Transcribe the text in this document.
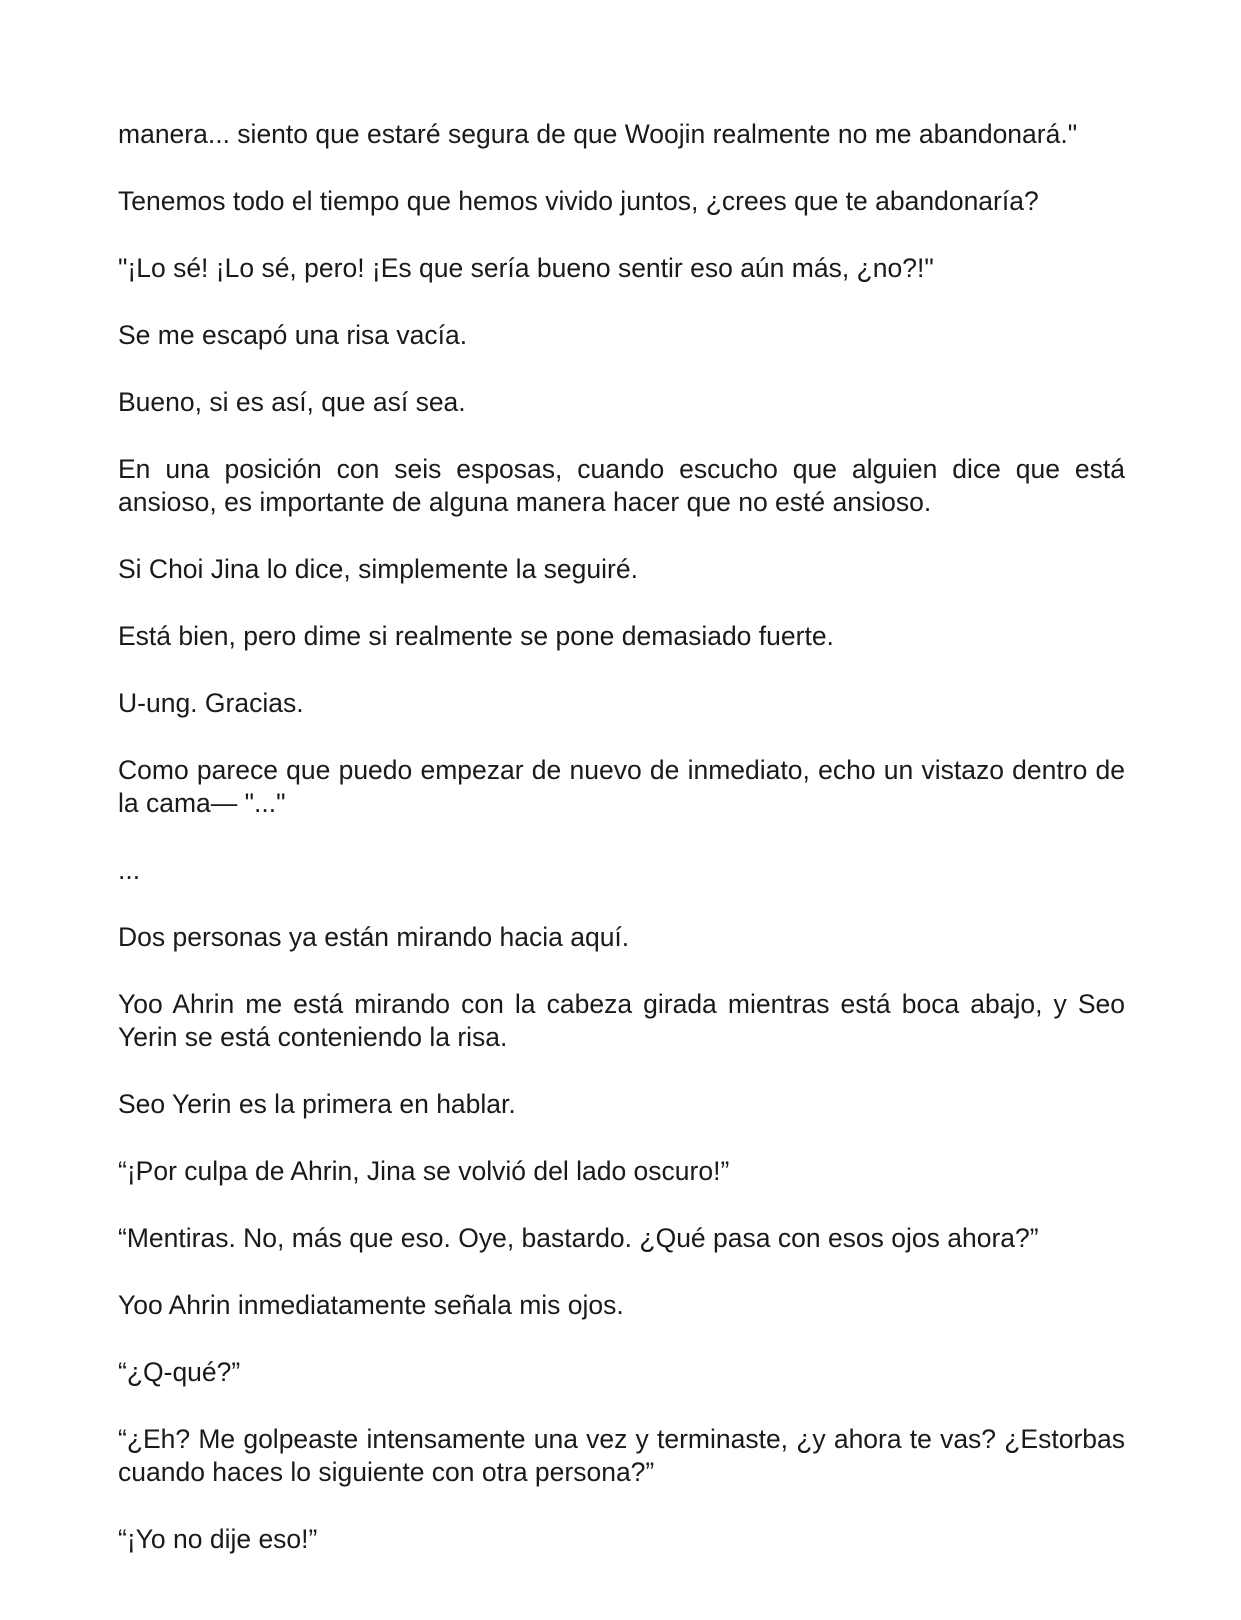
manera... siento que estaré segura de que Woojin realmente no me abandonará."

Tenemos todo el tiempo que hemos vivido juntos, ¿crees que te abandonaría?

"¡Lo sé! ¡Lo sé, pero! ¡Es que sería bueno sentir eso aún más, ¿no?!"

Se me escapó una risa vacía.

Bueno, si es así, que así sea.

En una posición con seis esposas, cuando escucho que alguien dice que está ansioso, es importante de alguna manera hacer que no esté ansioso.

Si Choi Jina lo dice, simplemente la seguiré.

Está bien, pero dime si realmente se pone demasiado fuerte.

U-ung. Gracias.

Como parece que puedo empezar de nuevo de inmediato, echo un vistazo dentro de la cama— "..."

...

Dos personas ya están mirando hacia aquí.

Yoo Ahrin me está mirando con la cabeza girada mientras está boca abajo, y Seo Yerin se está conteniendo la risa.

Seo Yerin es la primera en hablar.

“¡Por culpa de Ahrin, Jina se volvió del lado oscuro!”

“Mentiras. No, más que eso. Oye, bastardo. ¿Qué pasa con esos ojos ahora?”

Yoo Ahrin inmediatamente señala mis ojos.

“¿Q-qué?”

“¿Eh? Me golpeaste intensamente una vez y terminaste, ¿y ahora te vas? ¿Estorbas cuando haces lo siguiente con otra persona?”

“¡Yo no dije eso!”
